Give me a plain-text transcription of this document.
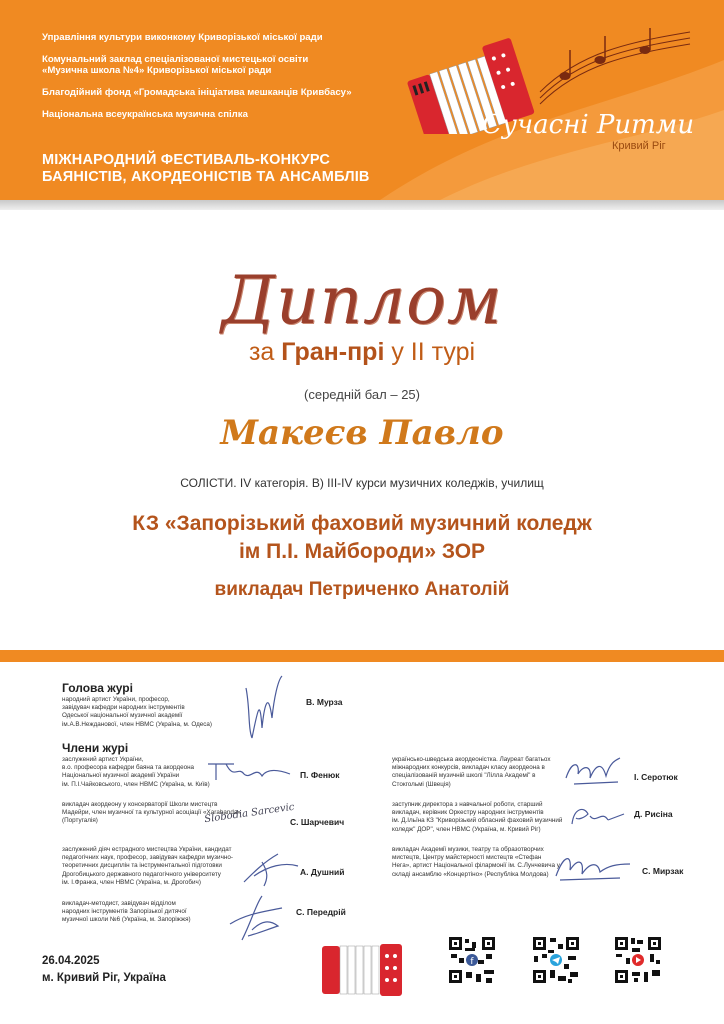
Управління культури виконкому Криворізької міської ради
Комунальний заклад спеціалізованої мистецької освіти
«Музична школа №4» Криворізької міської ради
Благодійний фонд «Громадська ініціатива мешканців Кривбасу»
Національна всеукраїнська музична спілка
МІЖНАРОДНИЙ ФЕСТИВАЛЬ-КОНКУРС
БАЯНІСТІВ, АКОРДЕОНІСТІВ ТА АНСАМБЛІВ
Сучасні Ритми
Кривий Ріг
Диплом
за Гран-прі у ІІ турі
(середній бал – 25)
Макеєв Павло
СОЛІСТИ. IV категорія. В) III-IV курси музичних коледжів, училищ
КЗ «Запорізький фаховий музичний коледж
ім П.І. Майбороди» ЗОР
викладач Петриченко Анатолій
Голова журі
народний артист України, професор,
завідувач кафедри народних інструментів
Одеської національної музичної академії
ім.А.В.Нежданової, член НВМС (Україна, м. Одеса)
В. Мурза
Члени журі
заслужений артист України,
в.о. професора кафедри баяна та акордеона
Національної музичної академії України
ім. П.І.Чайковського, член НВМС (Україна, м. Київ)
П. Фенюк
викладач акордеону у консерваторії Школи мистецтв
Мадейри, член музичної та культурної асоціації «Xarabanda»
(Португалія)	Slobodia Sarcevic
С. Шарчевич
заслужений діяч естрадного мистецтва України, кандидат
педагогічних наук, професор, завідувач кафедри музично-
теоретичних дисциплін та інструментальної підготовки
Дрогобицького державного педагогічного університету
ім. І.Франка, член НВМС (Україна, м. Дрогобич)
А. Душний
викладач-методист, завідувач відділом
народних інструментів Запорізької дитячої
музичної школи №6 (Україна, м. Запоріжжя)
С. Передрій
українсько-шведська акордеоністка. Лауреат багатьох
міжнародних конкурсів, викладач класу акордеона в
спеціалізованій музичній школі "Лілла Академі" в
Стокгольмі (Швеція)
І. Серотюк
заступник директора з навчальної роботи, старший
викладач, керівник Оркестру народних інструментів
ім. Д.Ільїна КЗ "Криворізький обласний фаховий музичний
коледж" ДОР", член НВМС (Україна, м. Кривий Ріг)
Д. Рисіна
викладач Академії музики, театру та образотворчих
мистецтв, Центру майстерності мистецтв «Стефан
Нега», артист Національної філармонії ім. С.Лунчевича у
складі ансамблю «Концертіно» (Республіка Молдова)	С. Мирзак
26.04.2025
м. Кривий Ріг, Україна
f
